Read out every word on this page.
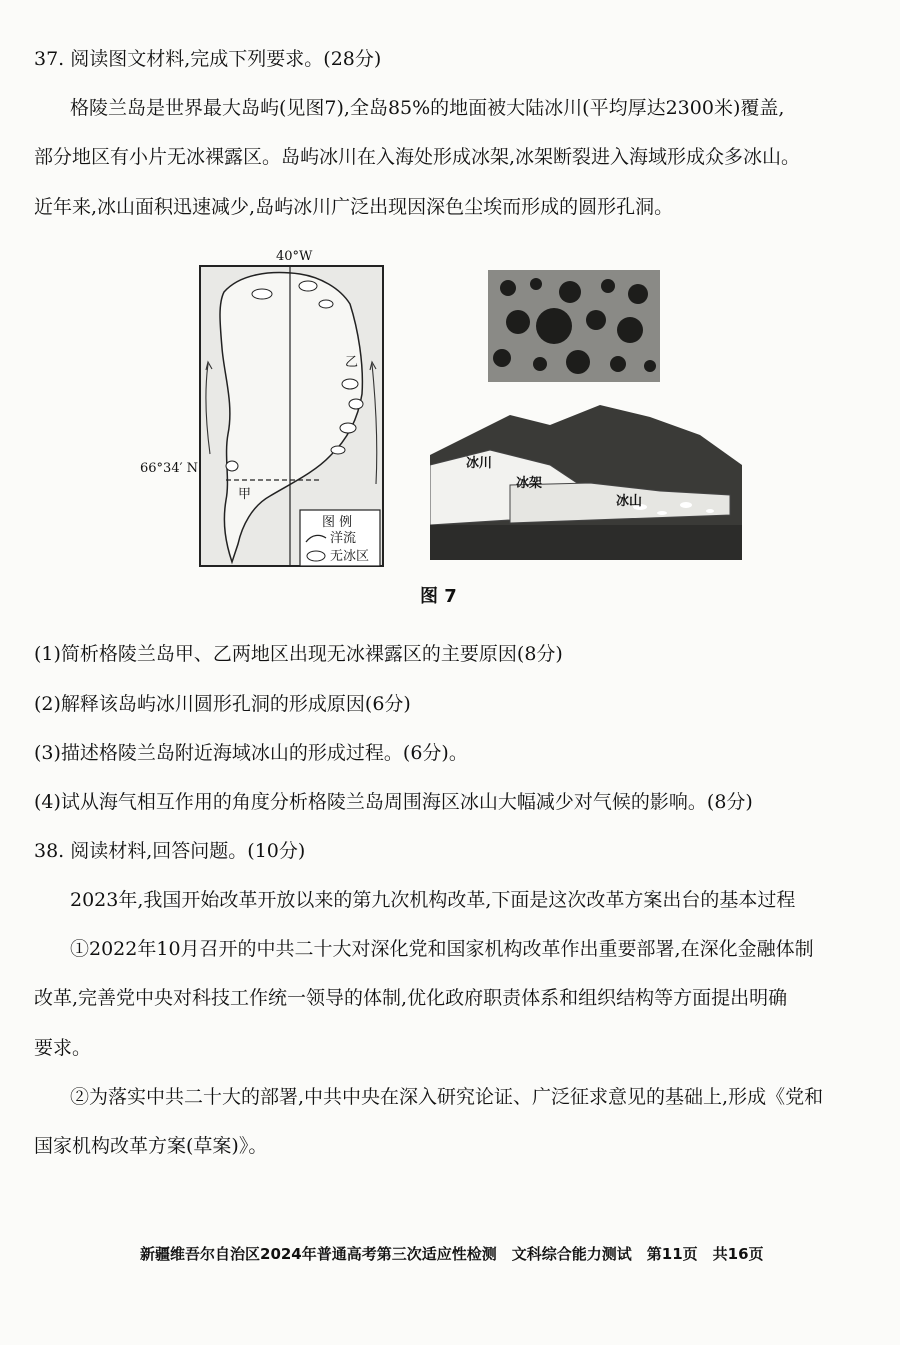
37. 阅读图文材料,完成下列要求。(28分)
格陵兰岛是世界最大岛屿(见图7),全岛85%的地面被大陆冰川(平均厚达2300米)覆盖,
部分地区有小片无冰裸露区。岛屿冰川在入海处形成冰架,冰架断裂进入海域形成众多冰山。
近年来,冰山面积迅速减少,岛屿冰川广泛出现因深色尘埃而形成的圆形孔洞。
40°W
66°34′ N
甲
乙
图 例
洋流
无冰区
冰川
冰架
冰山
图 7
(1)简析格陵兰岛甲、乙两地区出现无冰裸露区的主要原因(8分)
(2)解释该岛屿冰川圆形孔洞的形成原因(6分)
(3)描述格陵兰岛附近海域冰山的形成过程。(6分)。
(4)试从海气相互作用的角度分析格陵兰岛周围海区冰山大幅减少对气候的影响。(8分)
38. 阅读材料,回答问题。(10分)
2023年,我国开始改革开放以来的第九次机构改革,下面是这次改革方案出台的基本过程
①2022年10月召开的中共二十大对深化党和国家机构改革作出重要部署,在深化金融体制
改革,完善党中央对科技工作统一领导的体制,优化政府职责体系和组织结构等方面提出明确
要求。
②为落实中共二十大的部署,中共中央在深入研究论证、广泛征求意见的基础上,形成《党和
国家机构改革方案(草案)》。
新疆维吾尔自治区2024年普通高考第三次适应性检测　文科综合能力测试　第11页　共16页
